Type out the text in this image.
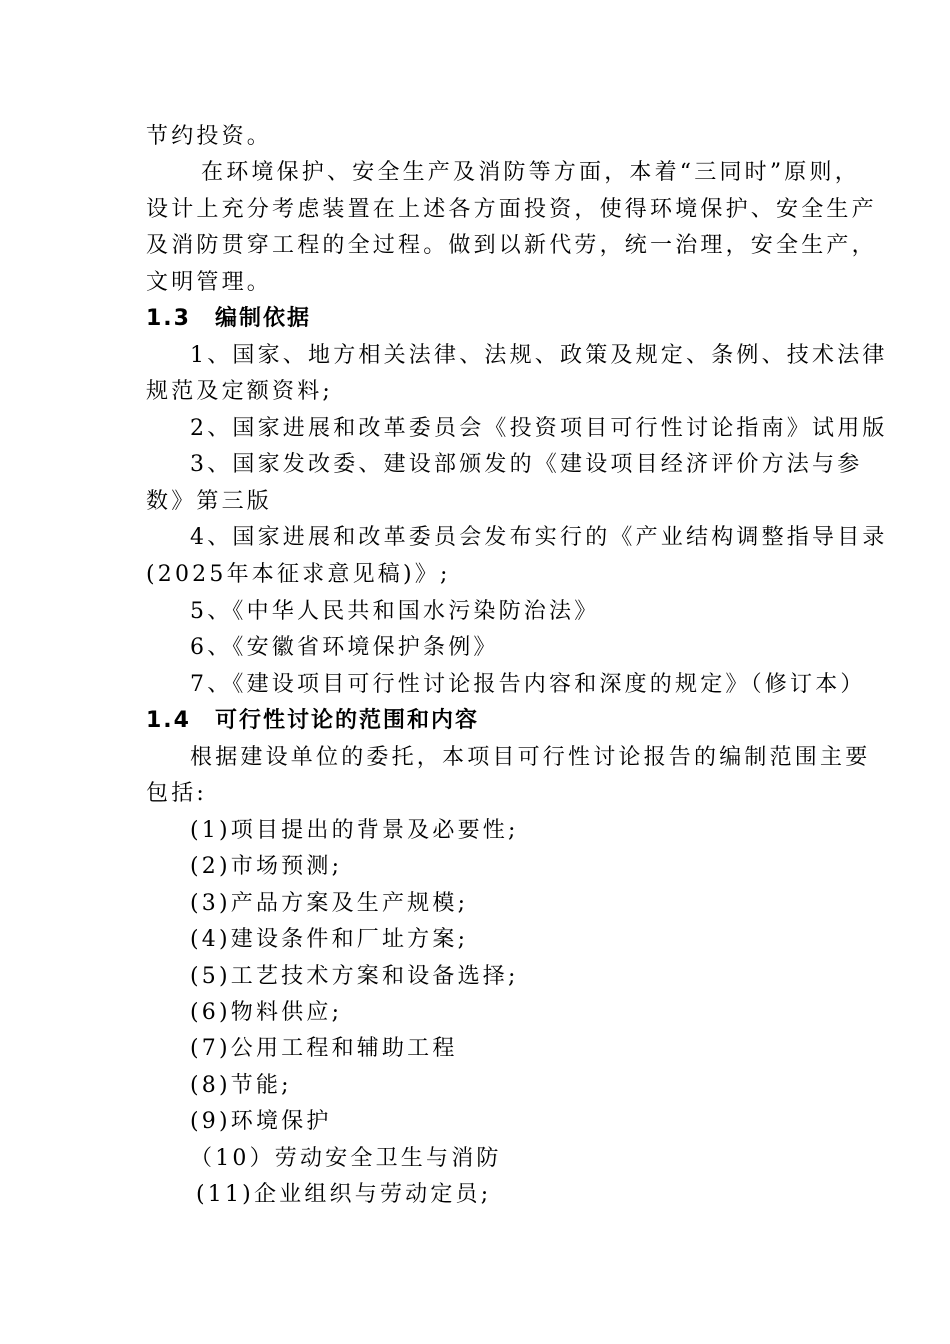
节约投资。
在环境保护、安全生产及消防等方面，本着“三同时”原则，
设计上充分考虑装置在上述各方面投资，使得环境保护、安全生产
及消防贯穿工程的全过程。做到以新代劳，统一治理，安全生产，
文明管理。
1.3　编制依据
1、国家、地方相关法律、法规、政策及规定、条例、技术法律
规范及定额资料;
2、国家进展和改革委员会《投资项目可行性讨论指南》试用版
3、国家发改委、建设部颁发的《建设项目经济评价方法与参
数》第三版
4、国家进展和改革委员会发布实行的《产业结构调整指导目录
(2025年本征求意见稿)》;
5、《中华人民共和国水污染防治法》
6、《安徽省环境保护条例》
7、《建设项目可行性讨论报告内容和深度的规定》（修订本）
1.4　可行性讨论的范围和内容
根据建设单位的委托，本项目可行性讨论报告的编制范围主要
包括:
(1)项目提出的背景及必要性;
(2)市场预测;
(3)产品方案及生产规模;
(4)建设条件和厂址方案;
(5)工艺技术方案和设备选择;
(6)物料供应;
(7)公用工程和辅助工程
(8)节能;
(9)环境保护
（10）劳动安全卫生与消防
(11)企业组织与劳动定员;
